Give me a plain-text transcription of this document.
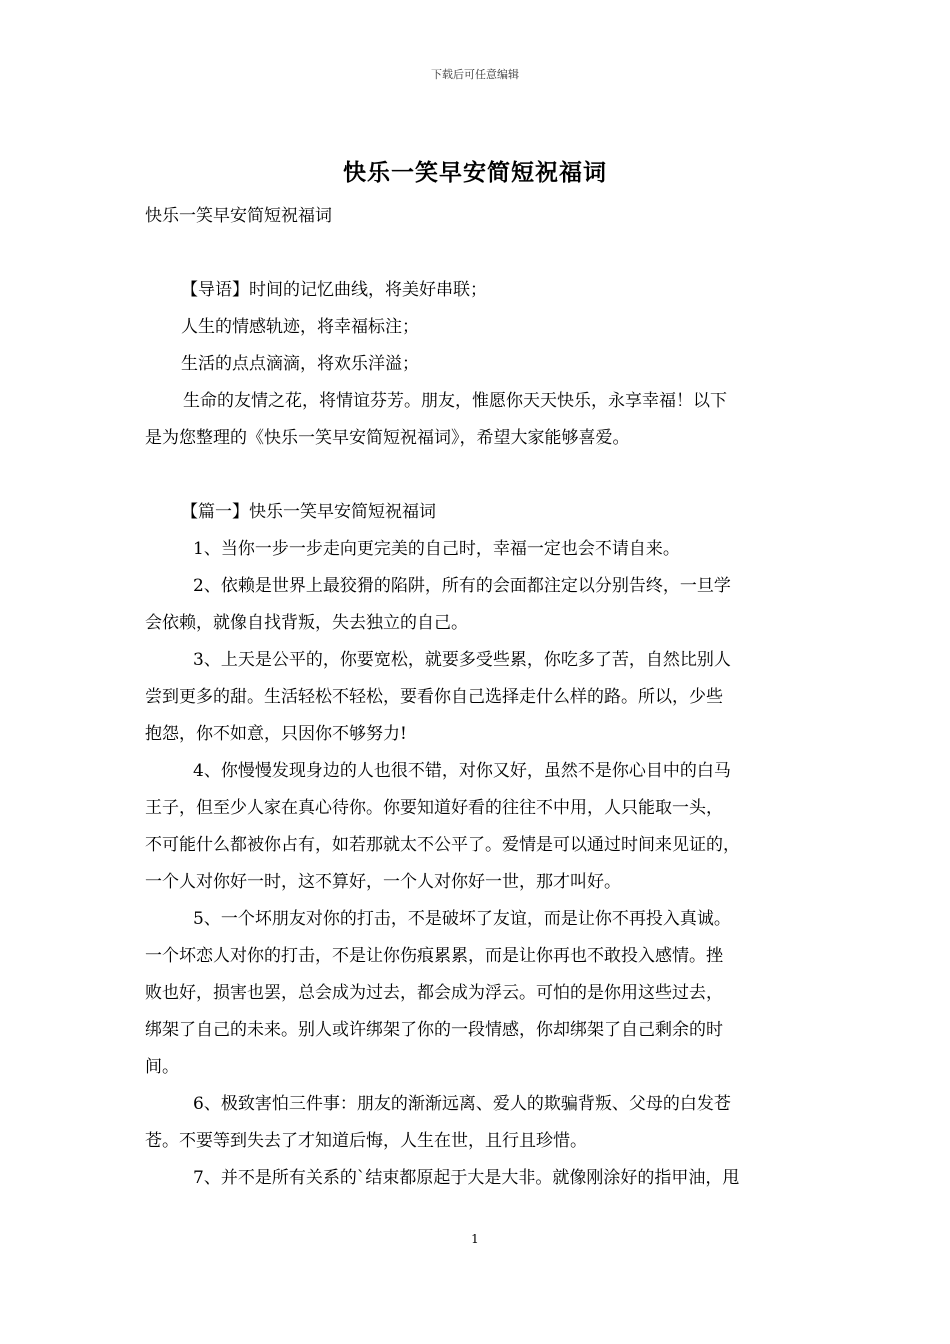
下载后可任意编辑
快乐一笑早安简短祝福词
快乐一笑早安简短祝福词
【导语】时间的记忆曲线，将美好串联；
人生的情感轨迹，将幸福标注；
生活的点点滴滴，将欢乐洋溢；
生命的友情之花，将情谊芬芳。朋友，惟愿你天天快乐，永享幸福！以下
是为您整理的《快乐一笑早安简短祝福词》，希望大家能够喜爱。
【篇一】快乐一笑早安简短祝福词
1、当你一步一步走向更完美的自己时，幸福一定也会不请自来。
2、依赖是世界上最狡猾的陷阱，所有的会面都注定以分别告终，一旦学
会依赖，就像自找背叛，失去独立的自己。
3、上天是公平的，你要宽松，就要多受些累，你吃多了苦，自然比别人
尝到更多的甜。生活轻松不轻松，要看你自己选择走什么样的路。所以，少些
抱怨，你不如意，只因你不够努力!
4、你慢慢发现身边的人也很不错，对你又好，虽然不是你心目中的白马
王子，但至少人家在真心待你。你要知道好看的往往不中用，人只能取一头，
不可能什么都被你占有，如若那就太不公平了。爱情是可以通过时间来见证的，
一个人对你好一时，这不算好，一个人对你好一世，那才叫好。
5、一个坏朋友对你的打击，不是破坏了友谊，而是让你不再投入真诚。
一个坏恋人对你的打击，不是让你伤痕累累，而是让你再也不敢投入感情。挫
败也好，损害也罢，总会成为过去，都会成为浮云。可怕的是你用这些过去，
绑架了自己的未来。别人或许绑架了你的一段情感，你却绑架了自己剩余的时
间。
6、极致害怕三件事：朋友的渐渐远离、爱人的欺骗背叛、父母的白发苍
苍。不要等到失去了才知道后悔，人生在世，且行且珍惜。
7、并不是所有关系的`结束都原起于大是大非。就像刚涂好的指甲油，甩
1
